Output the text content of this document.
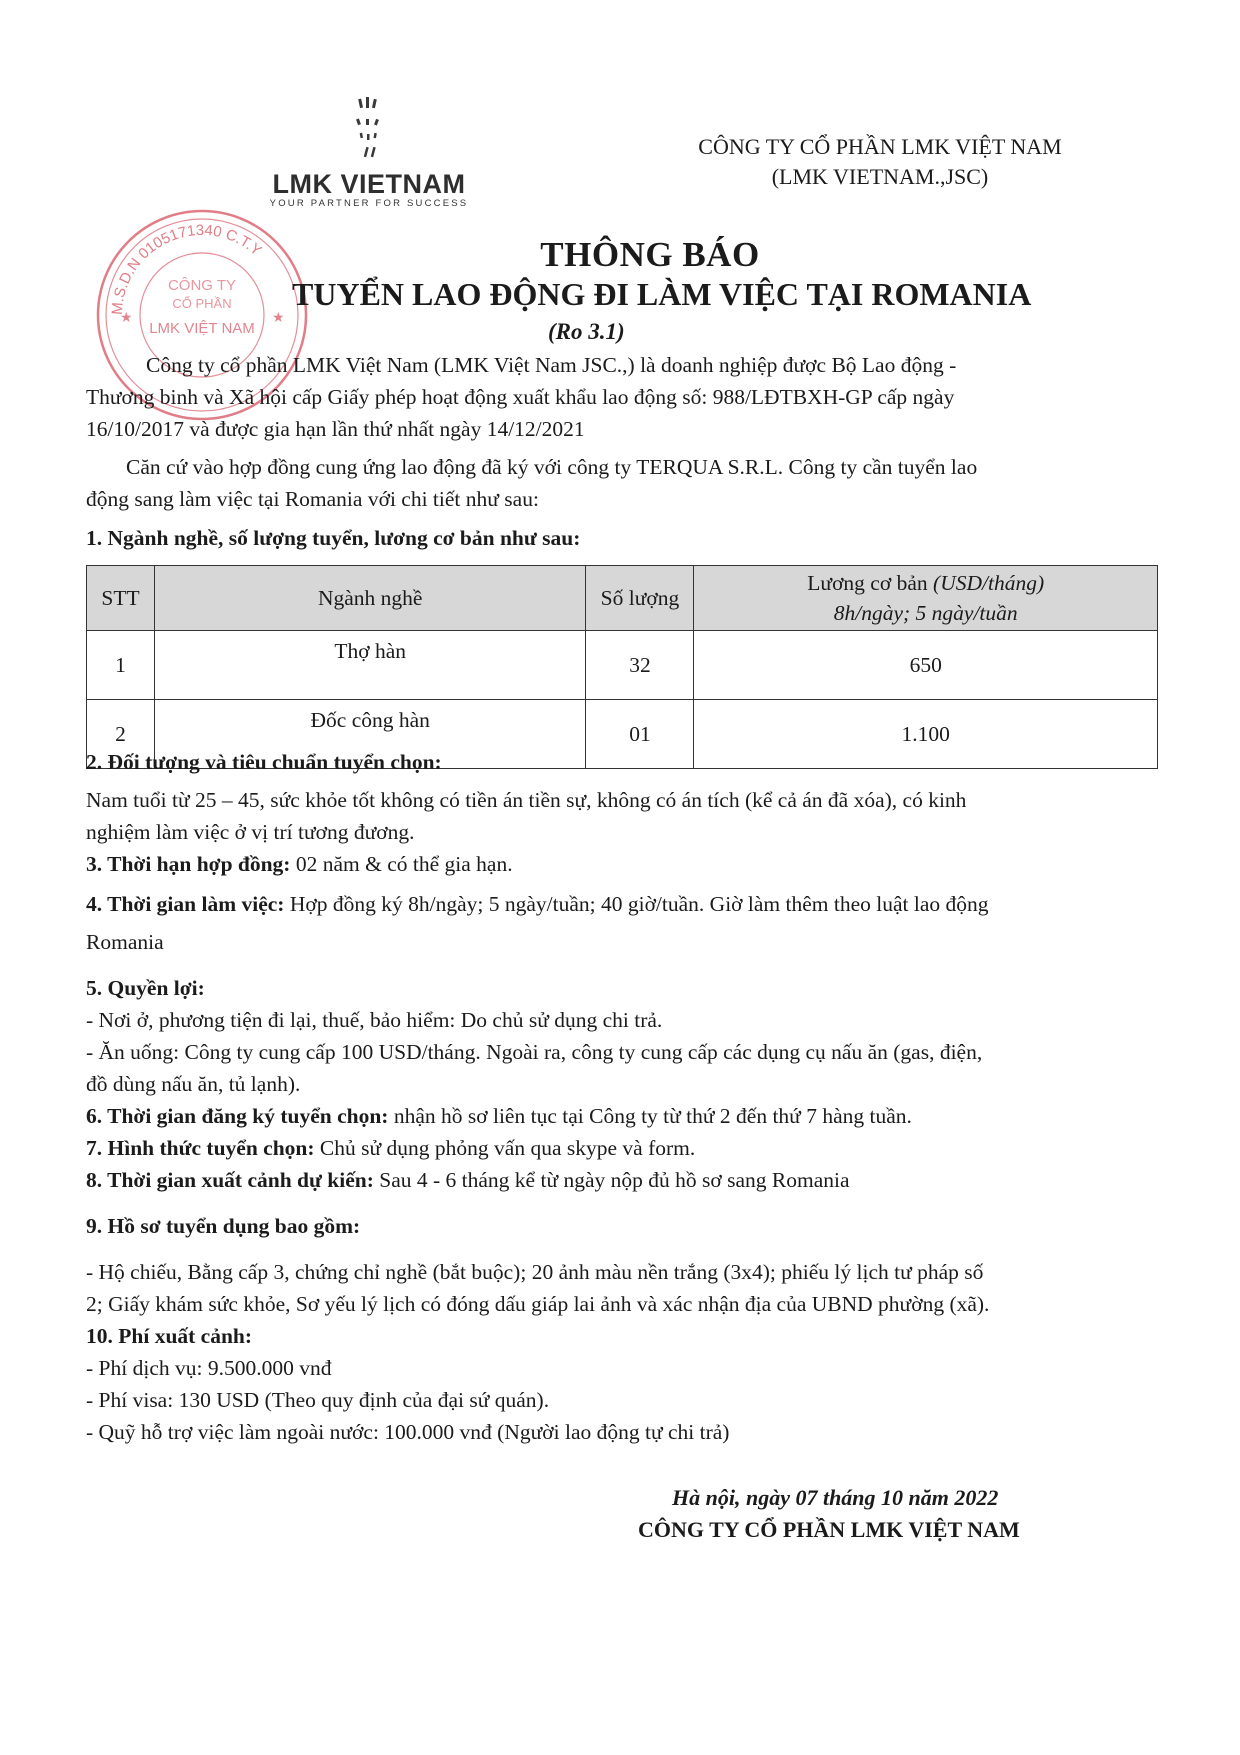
LMK VIETNAM
YOUR PARTNER FOR SUCCESS
CÔNG TY CỔ PHẦN LMK VIỆT NAM
(LMK VIETNAM.,JSC)
M.S.D.N 0105171340 C.T.Y
CÔNG TY
CỔ PHẦN
LMK VIỆT NAM
★	★
THÔNG BÁO
TUYỂN LAO ĐỘNG ĐI LÀM VIỆC TẠI ROMANIA
(Ro 3.1)
Công ty cổ phần LMK Việt Nam (LMK Việt Nam JSC.,) là doanh nghiệp được Bộ Lao động -
Thương binh và Xã hội cấp Giấy phép hoạt động xuất khẩu lao động số: 988/LĐTBXH-GP cấp ngày
16/10/2017 và được gia hạn lần thứ nhất ngày 14/12/2021
Căn cứ vào hợp đồng cung ứng lao động đã ký với công ty TERQUA S.R.L. Công ty cần tuyển lao
động sang làm việc tại Romania với chi tiết như sau:
1. Ngành nghề, số lượng tuyển, lương cơ bản như sau:
STT	Ngành nghề	Số lượng	Lương cơ bản (USD/tháng)
8h/ngày; 5 ngày/tuần
1	Thợ hàn	32	650
2	Đốc công hàn	01	1.100
2. Đối tượng và tiêu chuẩn tuyển chọn:
Nam tuổi từ 25 – 45, sức khỏe tốt không có tiền án tiền sự, không có án tích (kể cả án đã xóa), có kinh
nghiệm làm việc ở vị trí tương đương.
3. Thời hạn hợp đồng: 02 năm & có thể gia hạn.
4. Thời gian làm việc: Hợp đồng ký 8h/ngày; 5 ngày/tuần; 40 giờ/tuần. Giờ làm thêm theo luật lao động
Romania
5. Quyền lợi:
- Nơi ở, phương tiện đi lại, thuế, bảo hiểm: Do chủ sử dụng chi trả.
- Ăn uống: Công ty cung cấp 100 USD/tháng. Ngoài ra, công ty cung cấp các dụng cụ nấu ăn (gas, điện,
đồ dùng nấu ăn, tủ lạnh).
6. Thời gian đăng ký tuyển chọn: nhận hồ sơ liên tục tại Công ty từ thứ 2 đến thứ 7 hàng tuần.
7. Hình thức tuyển chọn: Chủ sử dụng phỏng vấn qua skype và form.
8. Thời gian xuất cảnh dự kiến: Sau 4 - 6 tháng kể từ ngày nộp đủ hồ sơ sang Romania
9. Hồ sơ tuyển dụng bao gồm:
- Hộ chiếu, Bằng cấp 3, chứng chỉ nghề (bắt buộc); 20 ảnh màu nền trắng (3x4); phiếu lý lịch tư pháp số
2; Giấy khám sức khỏe, Sơ yếu lý lịch có đóng dấu giáp lai ảnh và xác nhận địa của UBND phường (xã).
10. Phí xuất cảnh:
- Phí dịch vụ: 9.500.000 vnđ
- Phí visa: 130 USD (Theo quy định của đại sứ quán).
- Quỹ hỗ trợ việc làm ngoài nước: 100.000 vnđ (Người lao động tự chi trả)
Hà nội, ngày 07 tháng 10 năm 2022
CÔNG TY CỔ PHẦN LMK VIỆT NAM
